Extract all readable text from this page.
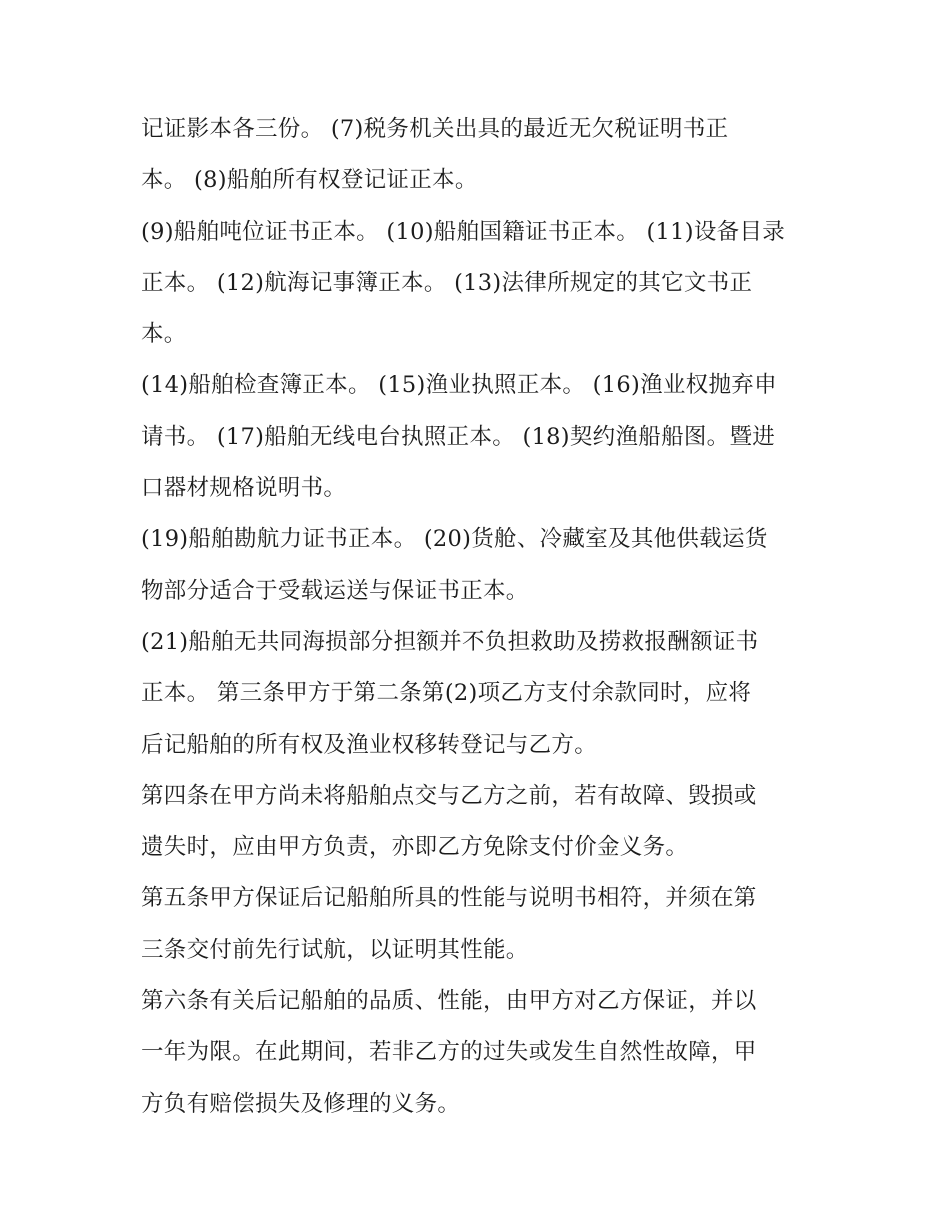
记证影本各三份。 (7)税务机关出具的最近无欠税证明书正
本。 (8)船舶所有权登记证正本。
(9)船舶吨位证书正本。 (10)船舶国籍证书正本。 (11)设备目录
正本。 (12)航海记事簿正本。 (13)法律所规定的其它文书正
本。
(14)船舶检查簿正本。 (15)渔业执照正本。 (16)渔业权抛弃申
请书。 (17)船舶无线电台执照正本。 (18)契约渔船船图。暨进
口器材规格说明书。
(19)船舶勘航力证书正本。 (20)货舱、冷藏室及其他供载运货
物部分适合于受载运送与保证书正本。
(21)船舶无共同海损部分担额并不负担救助及捞救报酬额证书
正本。 第三条甲方于第二条第(2)项乙方支付余款同时，应将
后记船舶的所有权及渔业权移转登记与乙方。
第四条在甲方尚未将船舶点交与乙方之前，若有故障、毁损或
遗失时，应由甲方负责，亦即乙方免除支付价金义务。
第五条甲方保证后记船舶所具的性能与说明书相符，并须在第
三条交付前先行试航，以证明其性能。
第六条有关后记船舶的品质、性能，由甲方对乙方保证，并以
一年为限。在此期间，若非乙方的过失或发生自然性故障，甲
方负有赔偿损失及修理的义务。
